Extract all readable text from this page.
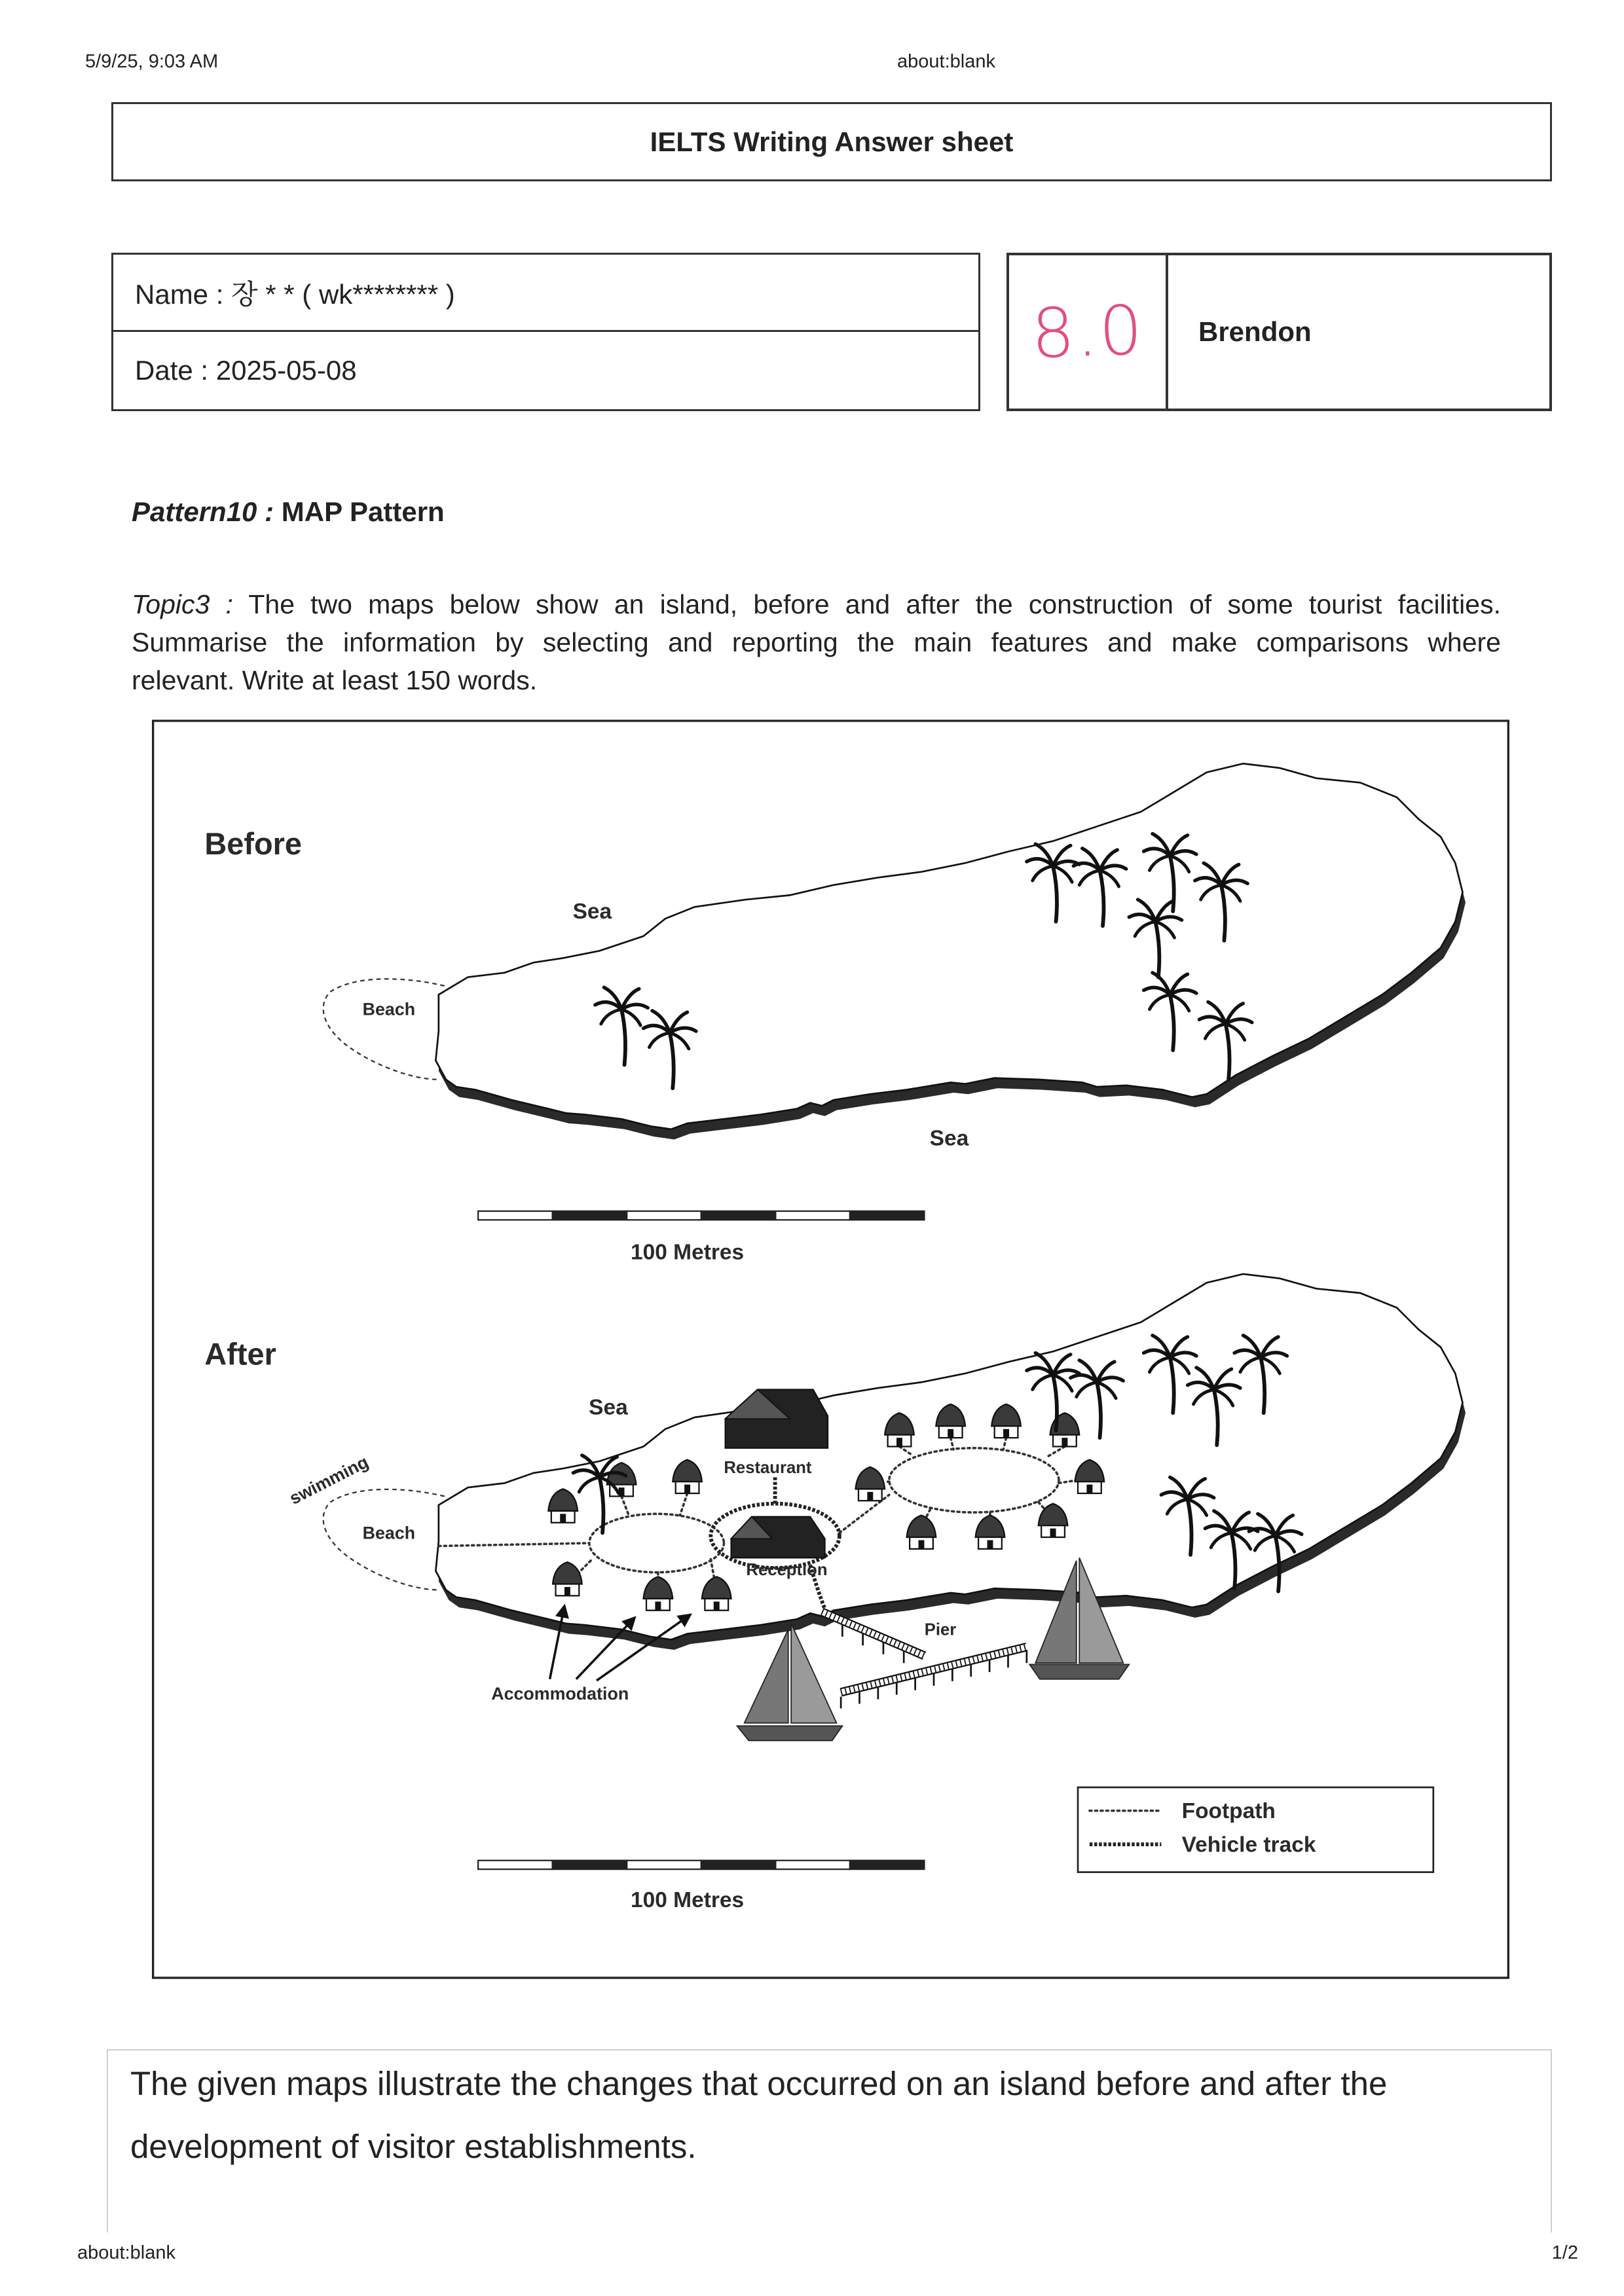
5/9/25, 9:03 AM	about:blank
IELTS Writing Answer sheet
Name : 장 * * ( wk******** )
Date : 2025-05-08	8.0 Brendon
Pattern10 : MAP Pattern
Topic3 : The two maps below show an island, before and after the construction of some tourist facilities.
Summarise the information by selecting and reporting the main features and make comparisons where
relevant. Write at least 150 words.
Before
Beach
Sea
Sea
100 Metres
After
swimming
Beach
Sea
Restaurant
Reception
Pier
Accommodation
Footpath
Vehicle track
100 Metres
The given maps illustrate the changes that occurred on an island before and after the
development of visitor establishments.
about:blank	1/2
